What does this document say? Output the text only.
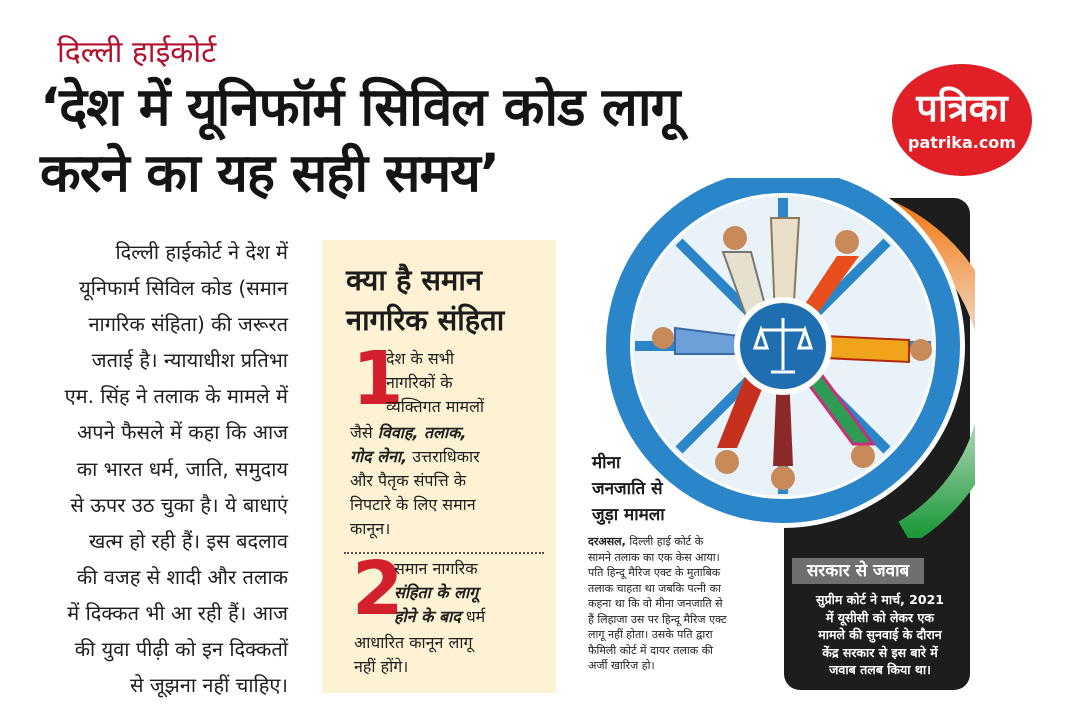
दिल्ली हाईकोर्ट
‘देश में यूनिफॉर्म सिविल कोड लागू
करने का यह सही समय’
पत्रिका
patrika.com
दिल्ली हाईकोर्ट ने देश में
यूनिफार्म सिविल कोड (समान
नागरिक संहिता) की जरूरत
जताई है। न्यायाधीश प्रतिभा
एम. सिंह ने तलाक के मामले में
अपने फैसले में कहा कि आज
का भारत धर्म, जाति, समुदाय
से ऊपर उठ चुका है। ये बाधाएं
खत्म हो रही हैं। इस बदलाव
की वजह से शादी और तलाक
में दिक्कत भी आ रही हैं। आज
की युवा पीढ़ी को इन दिक्कतों
से जूझना नहीं चाहिए।
क्या है समान
नागरिक संहिता
1
देश के सभी
नागरिकों के
व्यक्तिगत मामलों
जैसे विवाह, तलाक,
गोद लेना, उत्तराधिकार
और पैतृक संपत्ति के
निपटारे के लिए समान
कानून।
2
समान नागरिक
संहिता के लागू
होने के बाद धर्म
आधारित कानून लागू
नहीं होंगे।
मीना
जनजाति से
जुड़ा मामला
दरअसल, दिल्ली हाई कोर्ट के
सामने तलाक का एक केस आया।
पति हिन्दू मैरिज एक्ट के मुताबिक
तलाक चाहता था जबकि पत्नी का
कहना था कि वो मीना जनजाति से
हैं लिहाजा उस पर हिन्दू मैरिज एक्ट
लागू नहीं होता। उसके पति द्वारा
फैमिली कोर्ट में दायर तलाक की
अर्जी खारिज हो।
सरकार से जवाब
सुप्रीम कोर्ट ने मार्च, 2021
में यूसीसी को लेकर एक
मामले की सुनवाई के दौरान
केंद्र सरकार से इस बारे में
जवाब तलब किया था।
